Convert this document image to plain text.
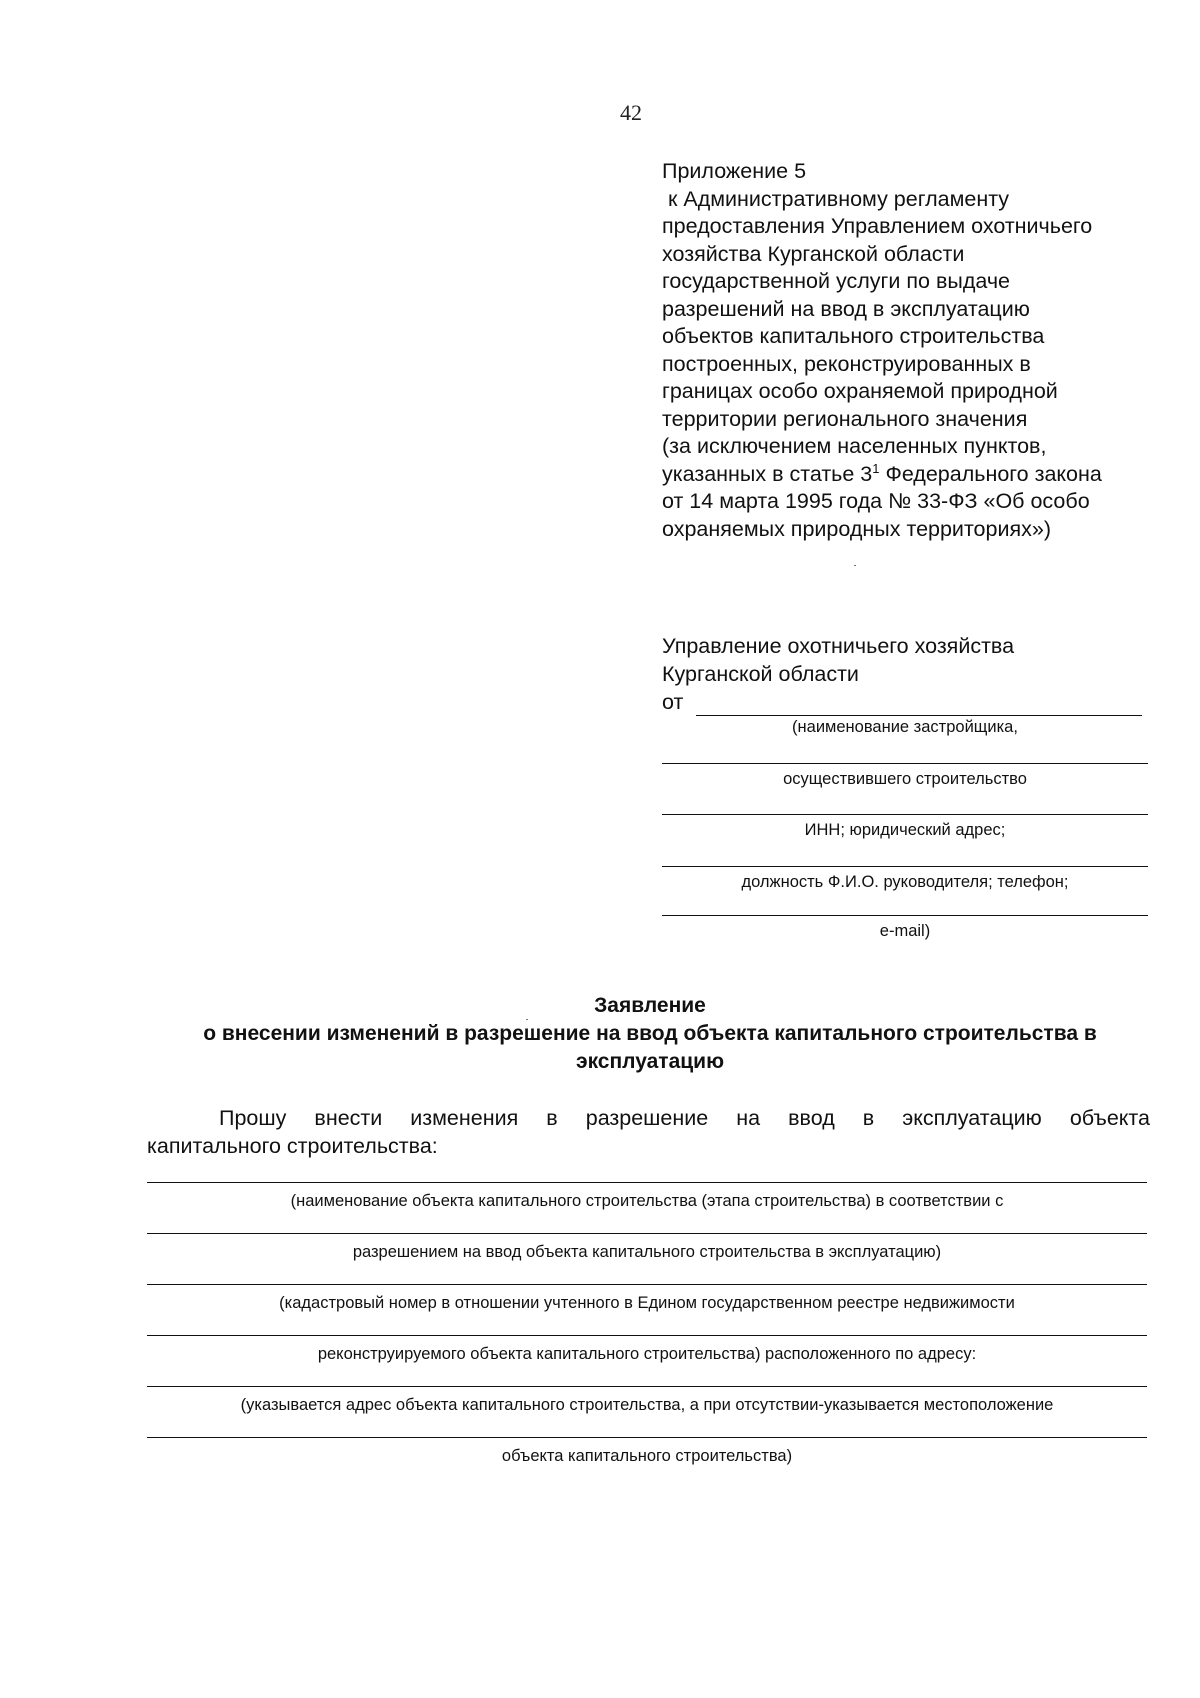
42
Приложение 5
к Административному регламенту
предоставления Управлением охотничьего
хозяйства Курганской области
государственной услуги по выдаче
разрешений на ввод в эксплуатацию
объектов капитального строительства
построенных, реконструированных в
границах особо охраняемой природной
территории регионального значения
(за исключением населенных пунктов,
указанных в статье $3^1$ Федерального закона
от 14 марта 1995 года № 33-ФЗ «Об особо
охраняемых природных территориях»)
Управление охотничьего хозяйства
Курганской области
от
(наименование застройщика,
осуществившего строительство
ИНН; юридический адрес;
должность Ф.И.О. руководителя; телефон;
e-mail)
Заявление
о внесении изменений в разрешение на ввод объекта капитального строительства в
эксплуатацию
Прошу внести изменения в разрешение на ввод в эксплуатацию объекта
капитального строительства:
(наименование объекта капитального строительства (этапа строительства) в соответствии с
разрешением на ввод объекта капитального строительства в эксплуатацию)
(кадастровый номер в отношении учтенного в Едином государственном реестре недвижимости
реконструируемого объекта капитального строительства) расположенного по адресу:
(указывается адрес объекта капитального строительства, а при отсутствии-указывается местоположение
объекта капитального строительства)
